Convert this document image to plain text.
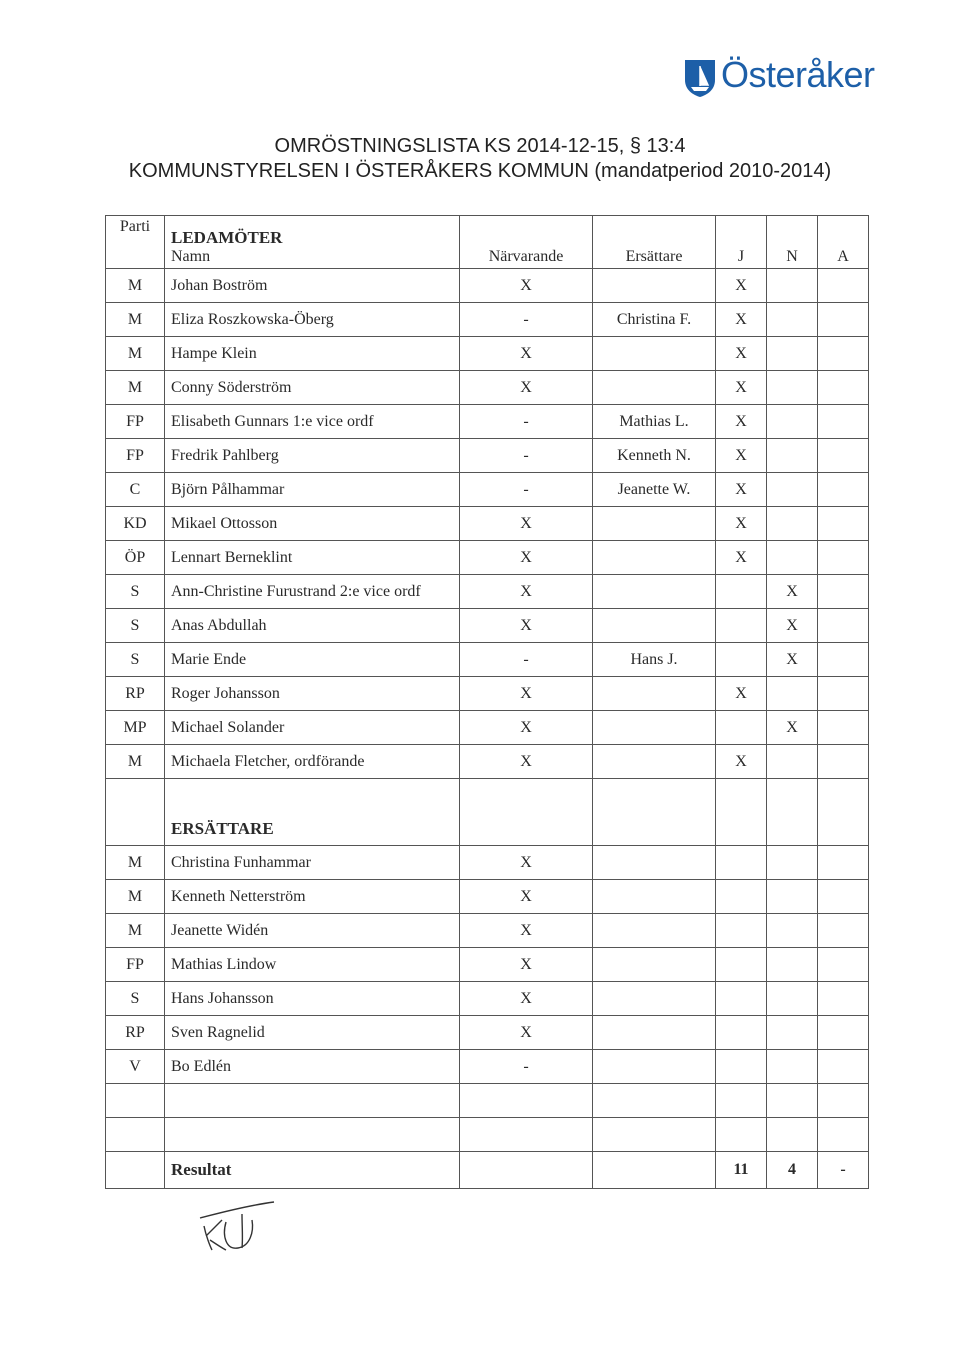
Österåker
OMRÖSTNINGSLISTA KS 2014-12-15, § 13:4
KOMMUNSTYRELSEN I ÖSTERÅKERS KOMMUN (mandatperiod 2010-2014)
Parti	LEDAMÖTER
Namn	Närvarande	Ersättare	J	N	A
M	Johan Boström	X		X		
M	Eliza Roszkowska-Öberg	-	Christina F.	X		
M	Hampe Klein	X		X		
M	Conny Söderström	X		X		
FP	Elisabeth Gunnars 1:e vice ordf	-	Mathias L.	X		
FP	Fredrik Pahlberg	-	Kenneth N.	X		
C	Björn Pålhammar	-	Jeanette W.	X		
KD	Mikael Ottosson	X		X		
ÖP	Lennart Berneklint	X		X		
S	Ann-Christine Furustrand 2:e vice ordf	X			X	
S	Anas Abdullah	X			X	
S	Marie Ende	-	Hans J.		X	
RP	Roger Johansson	X		X		
MP	Michael Solander	X			X	
M	Michaela Fletcher, ordförande	X		X		
	ERSÄTTARE					
M	Christina Funhammar	X				
M	Kenneth Netterström	X				
M	Jeanette Widén	X				
FP	Mathias Lindow	X				
S	Hans Johansson	X				
RP	Sven Ragnelid	X				
V	Bo Edlén	-				

	Resultat			11	4	-
